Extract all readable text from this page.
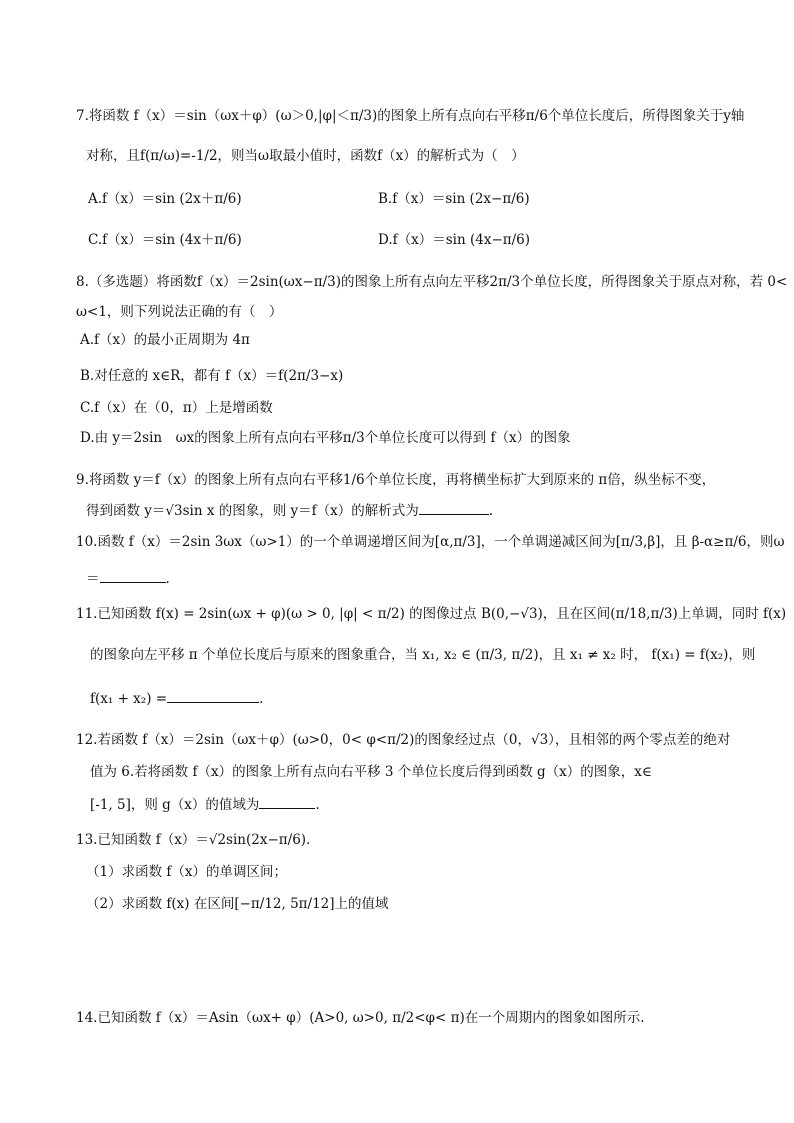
7.将函数 f（x）＝sin（ωx＋φ）(ω＞0,|φ|＜π/3)的图象上所有点向右平移π/6个单位长度后，所得图象关于y轴
对称，且f(π/ω)=-1/2，则当ω取最小值时，函数f（x）的解析式为（　）
A.f（x）＝sin (2x＋π/6)	B.f（x）＝sin (2x−π/6)
C.f（x）＝sin (4x＋π/6)	D.f（x）＝sin (4x−π/6)
8.（多选题）将函数f（x）＝2sin(ωx−π/3)的图象上所有点向左平移2π/3个单位长度，所得图象关于原点对称，若 0<
ω<1，则下列说法正确的有（　）
A.f（x）的最小正周期为 4π
B.对任意的 x∈R，都有 f（x）＝f(2π/3−x)
C.f（x）在（0，π）上是增函数
D.由 y＝2sin　ωx的图象上所有点向右平移π/3个单位长度可以得到 f（x）的图象
9.将函数 y＝f（x）的图象上所有点向右平移1/6个单位长度，再将横坐标扩大到原来的 π倍，纵坐标不变，
得到函数 y＝√3sin x 的图象，则 y＝f（x）的解析式为	.
10.函数 f（x）＝2sin 3ωx（ω>1）的一个单调递增区间为[α,π/3]，一个单调递减区间为[π/3,β]，且 β-α≥π/6，则ω
＝	.
11.已知函数 f(x) = 2sin(ωx + φ)(ω > 0, |φ| < π/2) 的图像过点 B(0,−√3)，且在区间(π/18,π/3)上单调，同时 f(x)
的图象向左平移 π 个单位长度后与原来的图象重合，当 x₁, x₂ ∈ (π/3, π/2)，且 x₁ ≠ x₂ 时， f(x₁) = f(x₂)，则
f(x₁ + x₂) =	.
12.若函数 f（x）＝2sin（ωx＋φ）(ω>0，0< φ<π/2)的图象经过点（0，√3），且相邻的两个零点差的绝对
值为 6.若将函数 f（x）的图象上所有点向右平移 3 个单位长度后得到函数 g（x）的图象，x∈
[-1, 5]，则 g（x）的值域为	.
13.已知函数 f（x）＝√2sin(2x−π/6).
（1）求函数 f（x）的单调区间；
（2）求函数 f(x) 在区间[−π/12, 5π/12]上的值域
14.已知函数 f（x）＝Asin（ωx+ φ）(A>0, ω>0, π/2<φ< π)在一个周期内的图象如图所示.
